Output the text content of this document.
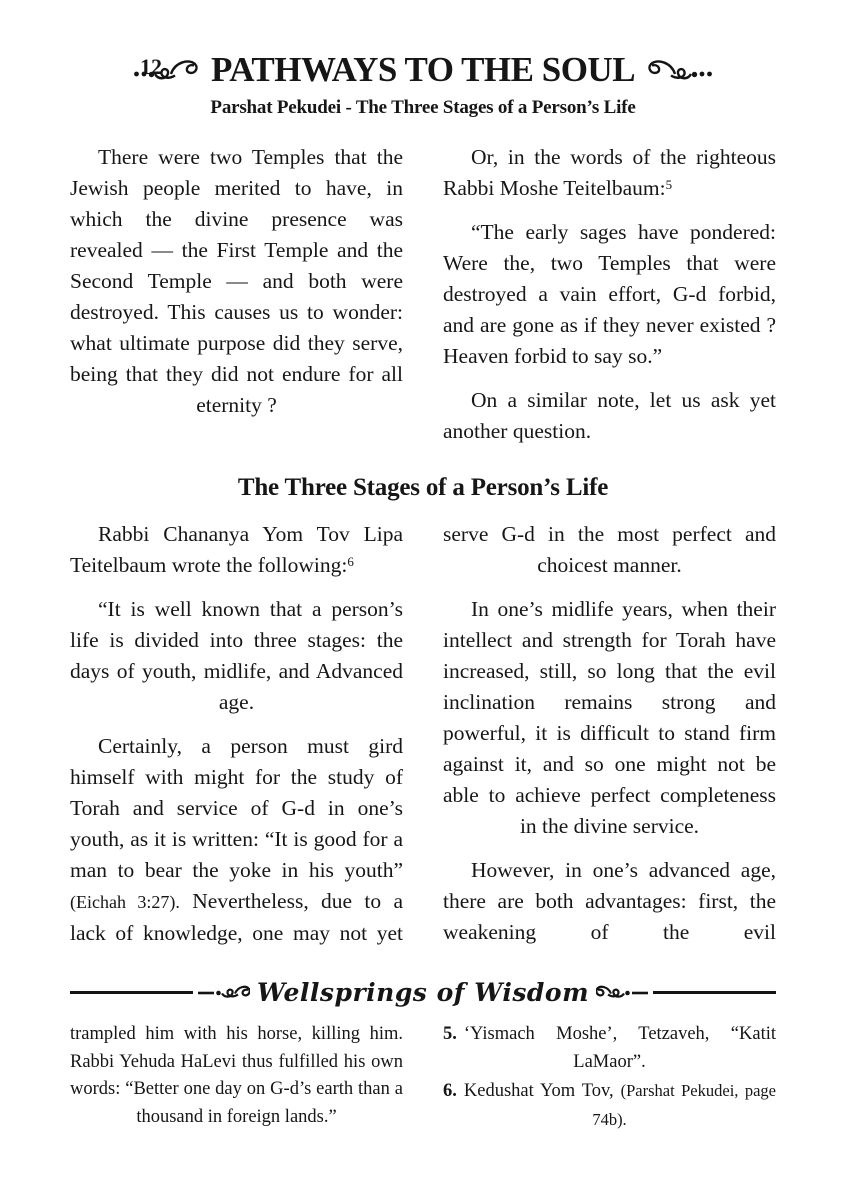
12 PATHWAYS TO THE SOUL
Parshat Pekudei - The Three Stages of a Person’s Life

There were two Temples that the Jewish people merited to have, in which the divine presence was revealed — the First Temple and the Second Temple — and both were destroyed. This causes us to wonder: what ultimate purpose did they serve, being that they did not endure for all eternity ?

Or, in the words of the righteous Rabbi Moshe Teitelbaum:$^5$

“The early sages have pondered: Were the, two Temples that were destroyed a vain effort, G-d forbid, and are gone as if they never existed ? Heaven forbid to say so.”

On a similar note, let us ask yet another question.

The Three Stages of a Person’s Life

Rabbi Chananya Yom Tov Lipa Teitelbaum wrote the following:$^6$

“It is well known that a person’s life is divided into three stages: the days of youth, midlife, and Advanced age.

Certainly, a person must gird himself with might for the study of Torah and service of G-d in one’s youth, as it is written: “It is good for a man to bear the yoke in his youth” (Eichah 3:27). Nevertheless, due to a lack of knowledge, one may not yet

serve G-d in the most perfect and choicest manner.

In one’s midlife years, when their intellect and strength for Torah have increased, still, so long that the evil inclination remains strong and powerful, it is difficult to stand firm against it, and so one might not be able to achieve perfect completeness in the divine service.

However, in one’s advanced age, there are both advantages: first, the weakening of the evil

Wellsprings of Wisdom

trampled him with his horse, killing him. Rabbi Yehuda HaLevi thus fulfilled his own words: “Better one day on G-d’s earth than a thousand in foreign lands.”

5. ‘Yismach Moshe’, Tetzaveh, “Katit LaMaor”.

6. Kedushat Yom Tov, (Parshat Pekudei, page 74b).
